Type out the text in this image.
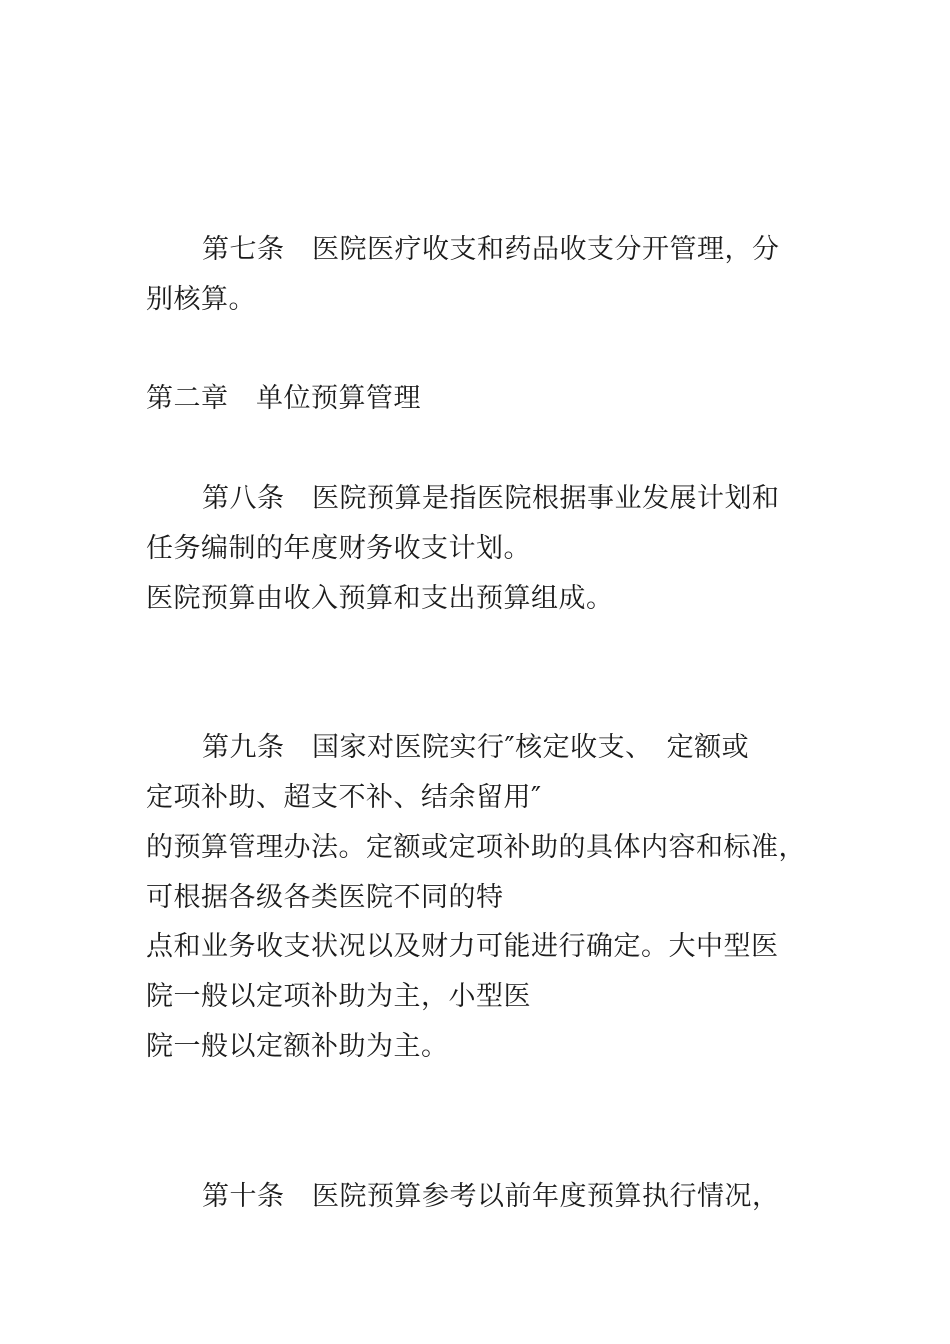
第七条　医院医疗收支和药品收支分开管理，分
别核算。
第二章　单位预算管理
第八条　医院预算是指医院根据事业发展计划和
任务编制的年度财务收支计划。
医院预算由收入预算和支出预算组成。
第九条　国家对医院实行″核定收支、　定额或
定项补助、超支不补、结余留用″
的预算管理办法。定额或定项补助的具体内容和标准，
可根据各级各类医院不同的特
点和业务收支状况以及财力可能进行确定。大中型医
院一般以定项补助为主，小型医
院一般以定额补助为主。
第十条　医院预算参考以前年度预算执行情况，
